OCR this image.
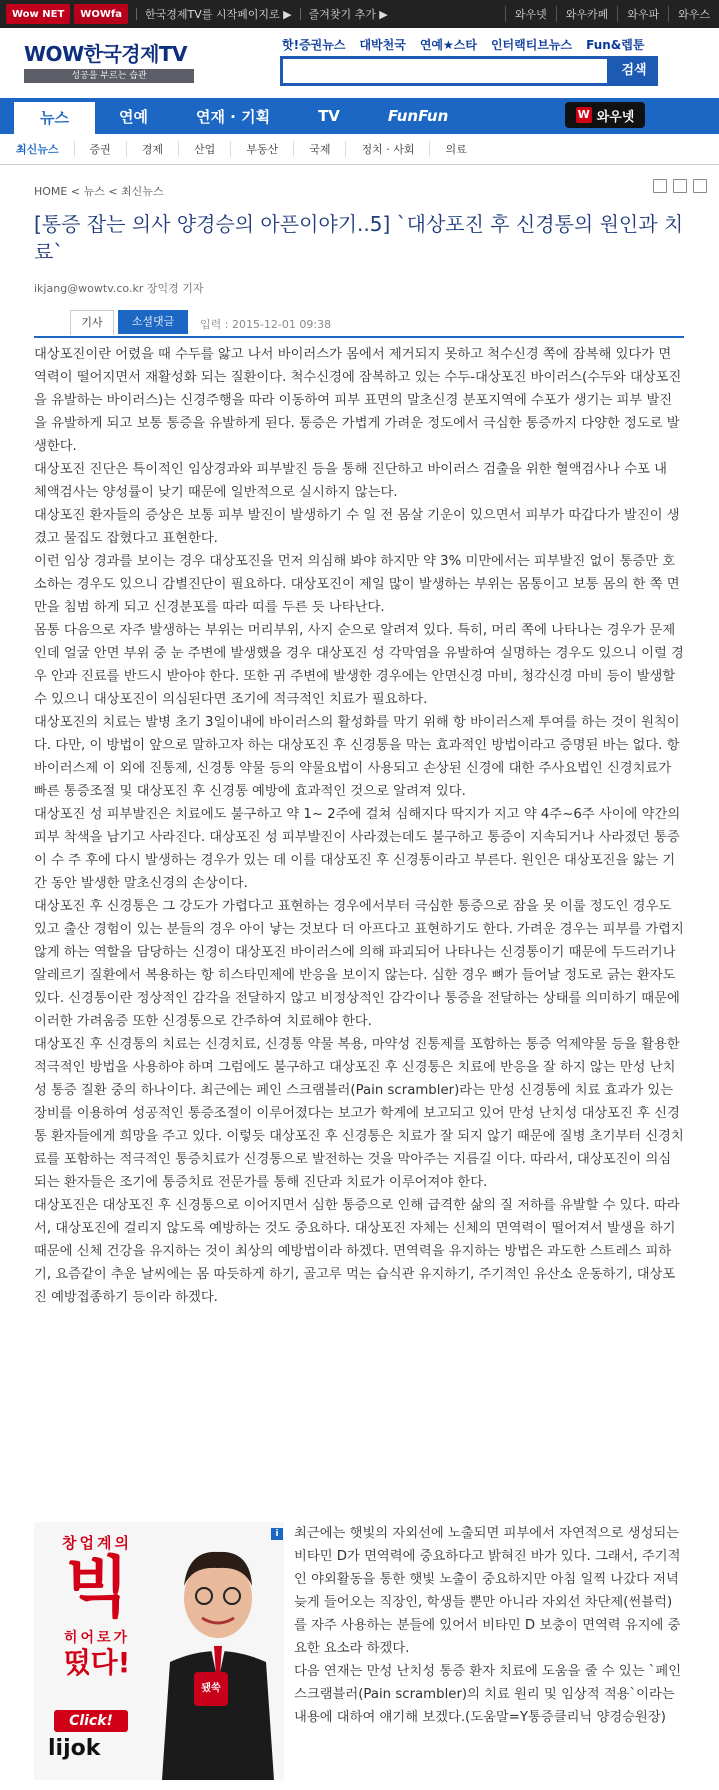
Wow NET	WOWfa	한국경제TV를 시작페이지로 ▶ 즐겨찾기 추가 ▶	와우넷	와우카페	와우파	와우스
WOW한국경제TV
성공을 부르는 습관
핫!증권뉴스 대박천국 연예★스타 인터랙티브뉴스 Fun&렙툰
검색
뉴스	연예	연재 · 기획	TV	FunFun	W 와우넷
최신뉴스	증권	경제	산업	부동산	국제	정치 · 사회	의료
HOME < 뉴스 < 최신뉴스
[통증 잡는 의사 양경승의 아픈이야기..5] `대상포진 후 신경통의 원인과 치료`
ikjang@wowtv.co.kr 장익경 기자
기사	소셜댓글	입력 : 2015-12-01 09:38

대상포진이란 어렸을 때 수두를 앓고 나서 바이러스가 몸에서 제거되지 못하고 척수신경 쪽에 잠복해 있다가 면역력이 떨어지면서 재활성화 되는 질환이다. 척수신경에 잠복하고 있는 수두-대상포진 바이러스(수두와 대상포진을 유발하는 바이러스)는 신경주행을 따라 이동하여 피부 표면의 말초신경 분포지역에 수포가 생기는 피부 발진을 유발하게 되고 보통 통증을 유발하게 된다. 통증은 가볍게 가려운 정도에서 극심한 통증까지 다양한 정도로 발생한다.

대상포진 진단은 특이적인 임상경과와 피부발진 등을 통해 진단하고 바이러스 검출을 위한 혈액검사나 수포 내 체액검사는 양성률이 낮기 때문에 일반적으로 실시하지 않는다.

대상포진 환자들의 증상은 보통 피부 발진이 발생하기 수 일 전 몸살 기운이 있으면서 피부가 따갑다가 발진이 생겼고 물집도 잡혔다고 표현한다.

이런 임상 경과를 보이는 경우 대상포진을 먼저 의심해 봐야 하지만 약 3% 미만에서는 피부발진 없이 통증만 호소하는 경우도 있으니 감별진단이 필요하다. 대상포진이 제일 많이 발생하는 부위는 몸통이고 보통 몸의 한 쪽 면만을 침범 하게 되고 신경분포를 따라 띠를 두른 듯 나타난다.

몸통 다음으로 자주 발생하는 부위는 머리부위, 사지 순으로 알려져 있다. 특히, 머리 쪽에 나타나는 경우가 문제 인데 얼굴 안면 부위 중 눈 주변에 발생했을 경우 대상포진 성 각막염을 유발하여 실명하는 경우도 있으니 이럴 경우 안과 진료를 반드시 받아야 한다. 또한 귀 주변에 발생한 경우에는 안면신경 마비, 청각신경 마비 등이 발생할 수 있으니 대상포진이 의심된다면 조기에 적극적인 치료가 필요하다.

대상포진의 치료는 발병 초기 3일이내에 바이러스의 활성화를 막기 위해 항 바이러스제 투여를 하는 것이 원칙이다. 다만, 이 방법이 앞으로 말하고자 하는 대상포진 후 신경통을 막는 효과적인 방법이라고 증명된 바는 없다. 항 바이러스제 이 외에 진통제, 신경통 약물 등의 약물요법이 사용되고 손상된 신경에 대한 주사요법인 신경치료가 빠른 통증조절 및 대상포진 후 신경통 예방에 효과적인 것으로 알려져 있다.

대상포진 성 피부발진은 치료에도 불구하고 약 1~ 2주에 걸쳐 심해지다 딱지가 지고 약 4주~6주 사이에 약간의 피부 착색을 남기고 사라진다. 대상포진 성 피부발진이 사라졌는데도 불구하고 통증이 지속되거나 사라졌던 통증이 수 주 후에 다시 발생하는 경우가 있는 데 이를 대상포진 후 신경통이라고 부른다. 원인은 대상포진을 앓는 기간 동안 발생한 말초신경의 손상이다.

대상포진 후 신경통은 그 강도가 가렵다고 표현하는 경우에서부터 극심한 통증으로 잠을 못 이룰 정도인 경우도 있고 출산 경험이 있는 분들의 경우 아이 낳는 것보다 더 아프다고 표현하기도 한다. 가려운 경우는 피부를 가렵지 않게 하는 역할을 담당하는 신경이 대상포진 바이러스에 의해 파괴되어 나타나는 신경통이기 때문에 두드러기나 알레르기 질환에서 복용하는 항 히스타민제에 반응을 보이지 않는다. 심한 경우 뼈가 들어날 정도로 긁는 환자도 있다. 신경통이란 정상적인 감각을 전달하지 않고 비정상적인 감각이나 통증을 전달하는 상태를 의미하기 때문에 이러한 가려움증 또한 신경통으로 간주하여 치료해야 한다.

대상포진 후 신경통의 치료는 신경치료, 신경통 약물 복용, 마약성 진통제를 포함하는 통증 억제약물 등을 활용한 적극적인 방법을 사용하야 하며 그럼에도 불구하고 대상포진 후 신경통은 치료에 반응을 잘 하지 않는 만성 난치성 통증 질환 중의 하나이다. 최근에는 페인 스크램블러(Pain scrambler)라는 만성 신경통에 치료 효과가 있는 장비를 이용하여 성공적인 통증조절이 이루어졌다는 보고가 학계에 보고되고 있어 만성 난치성 대상포진 후 신경통 환자들에게 희망을 주고 있다. 이렇듯 대상포진 후 신경통은 치료가 잘 되지 않기 때문에 질병 초기부터 신경치료를 포함하는 적극적인 통증치료가 신경통으로 발전하는 것을 막아주는 지름길 이다. 따라서, 대상포진이 의심되는 환자들은 조기에 통증치료 전문가를 통해 진단과 치료가 이루어져야 한다.

대상포진은 대상포진 후 신경통으로 이어지면서 심한 통증으로 인해 급격한 삶의 질 저하를 유발할 수 있다. 따라서, 대상포진에 걸리지 않도록 예방하는 것도 중요하다. 대상포진 자체는 신체의 면역력이 떨어져서 발생을 하기 때문에 신체 건강을 유지하는 것이 최상의 예방법이라 하겠다. 면역력을 유지하는 방법은 과도한 스트레스 피하기, 요즘같이 추운 날씨에는 몸 따듯하게 하기, 골고루 먹는 습식관 유지하기, 주기적인 유산소 운동하기, 대상포진 예방접종하기 등이라 하겠다.

창업계의
빅
히어로가
떴다!
Click!
lijok
됐쑥
i	최근에는 햇빛의 자외선에 노출되면 피부에서 자연적으로 생성되는 비타민 D가 면역력에 중요하다고 밝혀진 바가 있다. 그래서, 주기적인 야외활동을 통한 햇빛 노출이 중요하지만 아침 일찍 나갔다 저녁 늦게 들어오는 직장인, 학생들 뿐만 아니라 자외선 차단제(썬블럭)를 자주 사용하는 분들에 있어서 비타민 D 보충이 면역력 유지에 중요한 요소라 하겠다.

다음 연재는 만성 난치성 통증 환자 치료에 도움을 줄 수 있는 `페인스크램블러(Pain scrambler)의 치료 원리 및 임상적 적용`이라는 내용에 대하여 얘기해 보겠다.(도움말=Y통증클리닉 양경승원장)
